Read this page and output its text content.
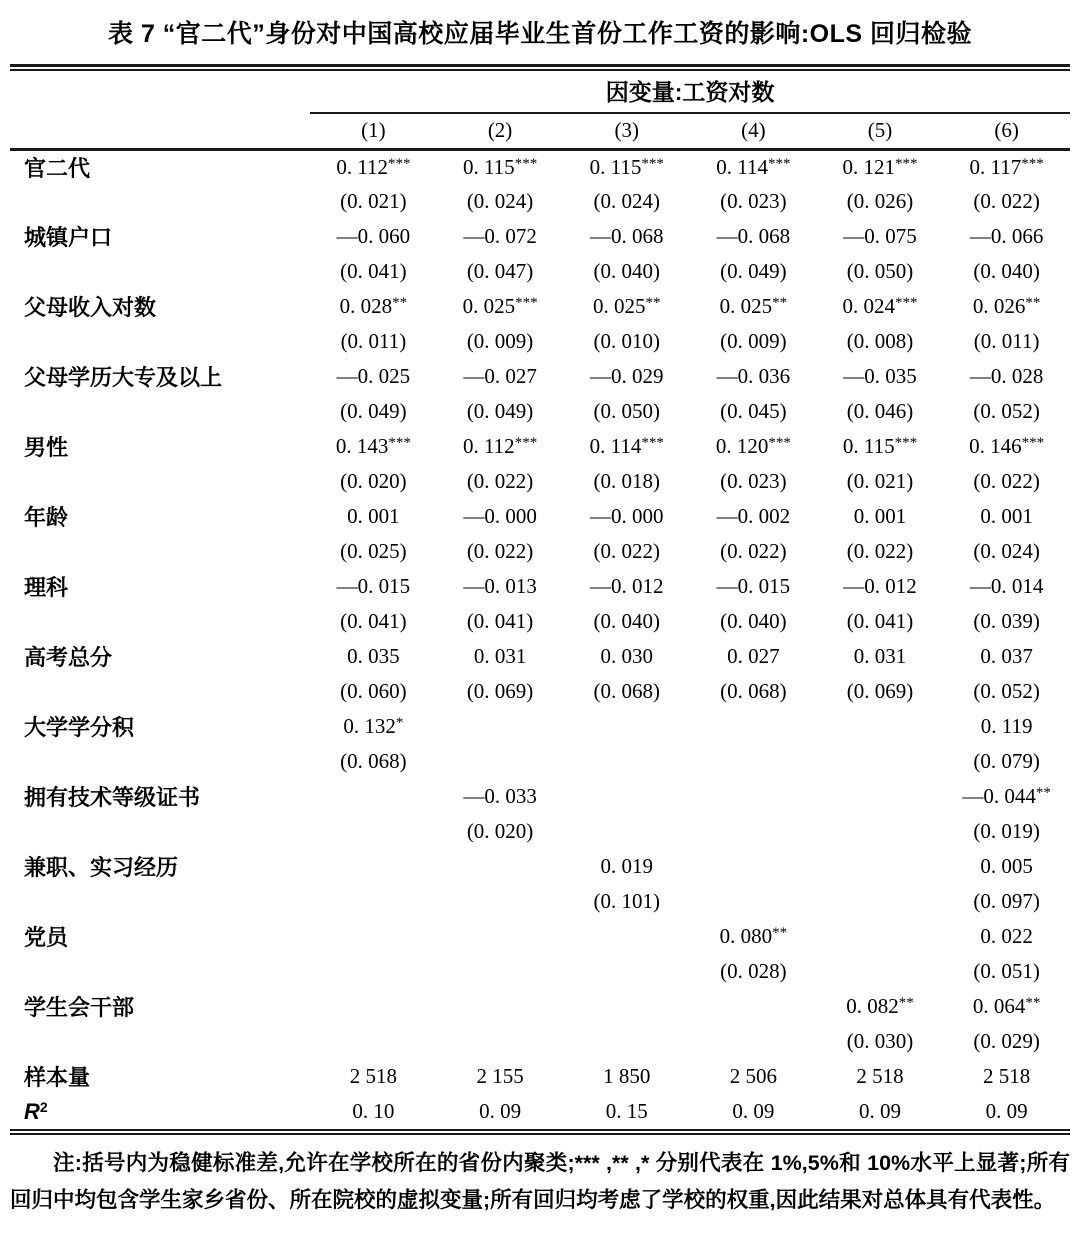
表 7 “官二代”身份对中国高校应届毕业生首份工作工资的影响:OLS 回归检验
	因变量:工资对数					
	(1)	(2)	(3)	(4)	(5)	(6)
官二代	0. 112***	0. 115***	0. 115***	0. 114***	0. 121***	0. 117***
	(0. 021)	(0. 024)	(0. 024)	(0. 023)	(0. 026)	(0. 022)
城镇户口	—0. 060	—0. 072	—0. 068	—0. 068	—0. 075	—0. 066
	(0. 041)	(0. 047)	(0. 040)	(0. 049)	(0. 050)	(0. 040)
父母收入对数	0. 028**	0. 025***	0. 025**	0. 025**	0. 024***	0. 026**
	(0. 011)	(0. 009)	(0. 010)	(0. 009)	(0. 008)	(0. 011)
父母学历大专及以上	—0. 025	—0. 027	—0. 029	—0. 036	—0. 035	—0. 028
	(0. 049)	(0. 049)	(0. 050)	(0. 045)	(0. 046)	(0. 052)
男性	0. 143***	0. 112***	0. 114***	0. 120***	0. 115***	0. 146***
	(0. 020)	(0. 022)	(0. 018)	(0. 023)	(0. 021)	(0. 022)
年龄	0. 001	—0. 000	—0. 000	—0. 002	0. 001	0. 001
	(0. 025)	(0. 022)	(0. 022)	(0. 022)	(0. 022)	(0. 024)
理科	—0. 015	—0. 013	—0. 012	—0. 015	—0. 012	—0. 014
	(0. 041)	(0. 041)	(0. 040)	(0. 040)	(0. 041)	(0. 039)
高考总分	0. 035	0. 031	0. 030	0. 027	0. 031	0. 037
	(0. 060)	(0. 069)	(0. 068)	(0. 068)	(0. 069)	(0. 052)
大学学分积	0. 132*					0. 119
	(0. 068)					(0. 079)
拥有技术等级证书		—0. 033				—0. 044**
		(0. 020)				(0. 019)
兼职、实习经历			0. 019			0. 005
			(0. 101)			(0. 097)
党员				0. 080**		0. 022
				(0. 028)		(0. 051)
学生会干部					0. 082**	0. 064**
					(0. 030)	(0. 029)
样本量	2 518	2 155	1 850	2 506	2 518	2 518
$R^2$	0. 10	0. 09	0. 15	0. 09	0. 09	0. 09
注:括号内为稳健标准差,允许在学校所在的省份内聚类;*** ,** ,* 分别代表在 1%,5%和 10%水平上显著;所有回归中均包含学生家乡省份、所在院校的虚拟变量;所有回归均考虑了学校的权重,因此结果对总体具有代表性。
